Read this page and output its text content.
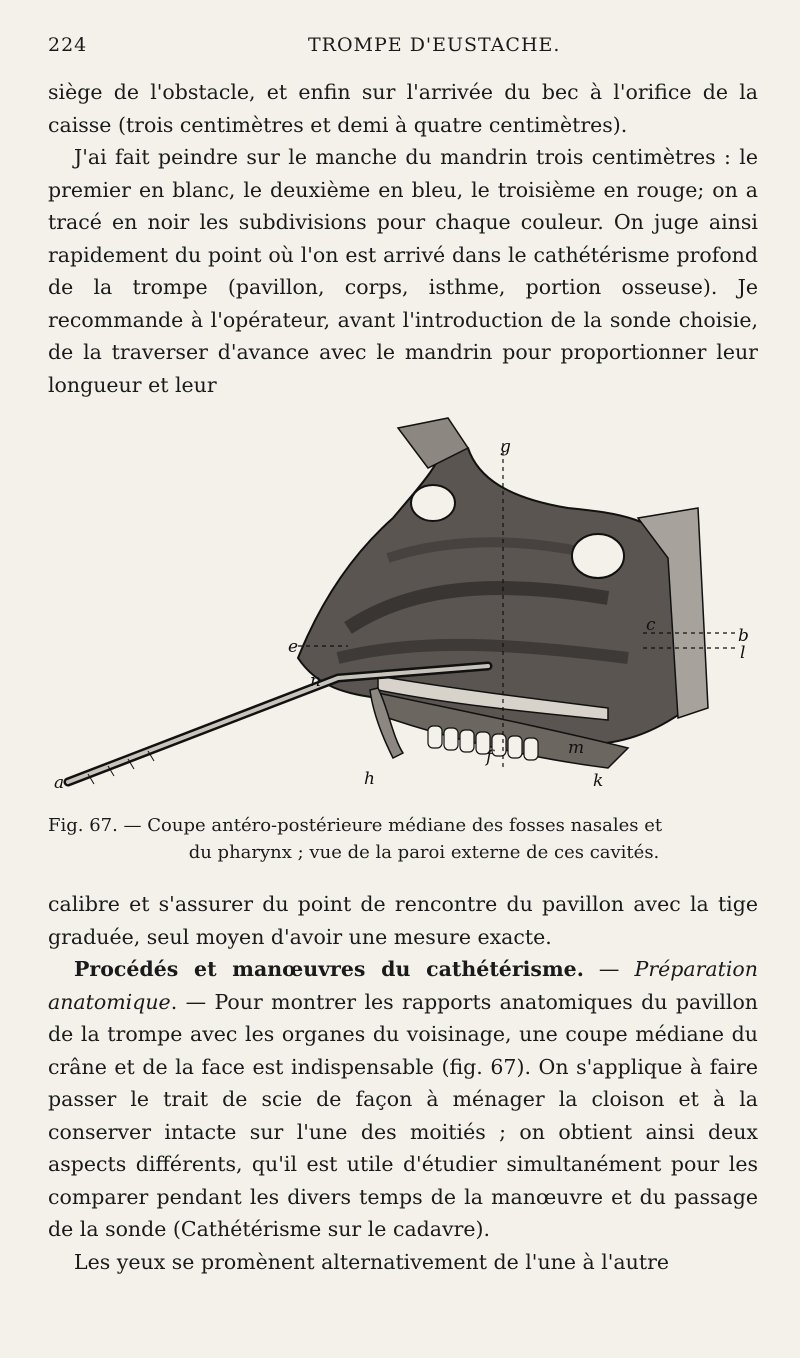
224	TROMPE D'EUSTACHE.

siège de l'obstacle, et enfin sur l'arrivée du bec à l'orifice de la caisse (trois centimètres et demi à quatre centimètres).

J'ai fait peindre sur le manche du mandrin trois centimètres : le premier en blanc, le deuxième en bleu, le troisième en rouge; on a tracé en noir les subdivisions pour chaque couleur. On juge ainsi rapidement du point où l'on est arrivé dans le cathétérisme profond de la trompe (pavillon, corps, isthme, portion osseuse). Je recommande à l'opérateur, avant l'introduction de la sonde choisie, de la traverser d'avance avec le mandrin pour proportionner leur longueur et leur

a
b
c
e
f
g
h	k
l
m
n
Fig. 67. — Coupe antéro-postérieure médiane des fosses nasales et
du pharynx ; vue de la paroi externe de ces cavités.

calibre et s'assurer du point de rencontre du pavillon avec la tige graduée, seul moyen d'avoir une mesure exacte.

Procédés et manœuvres du cathétérisme. — Préparation anatomique. — Pour montrer les rapports anatomiques du pavillon de la trompe avec les organes du voisinage, une coupe médiane du crâne et de la face est indispensable (fig. 67). On s'applique à faire passer le trait de scie de façon à ménager la cloison et à la conserver intacte sur l'une des moitiés ; on obtient ainsi deux aspects différents, qu'il est utile d'étudier simultanément pour les comparer pendant les divers temps de la manœuvre et du passage de la sonde (Cathétérisme sur le cadavre).

Les yeux se promènent alternativement de l'une à l'autre
